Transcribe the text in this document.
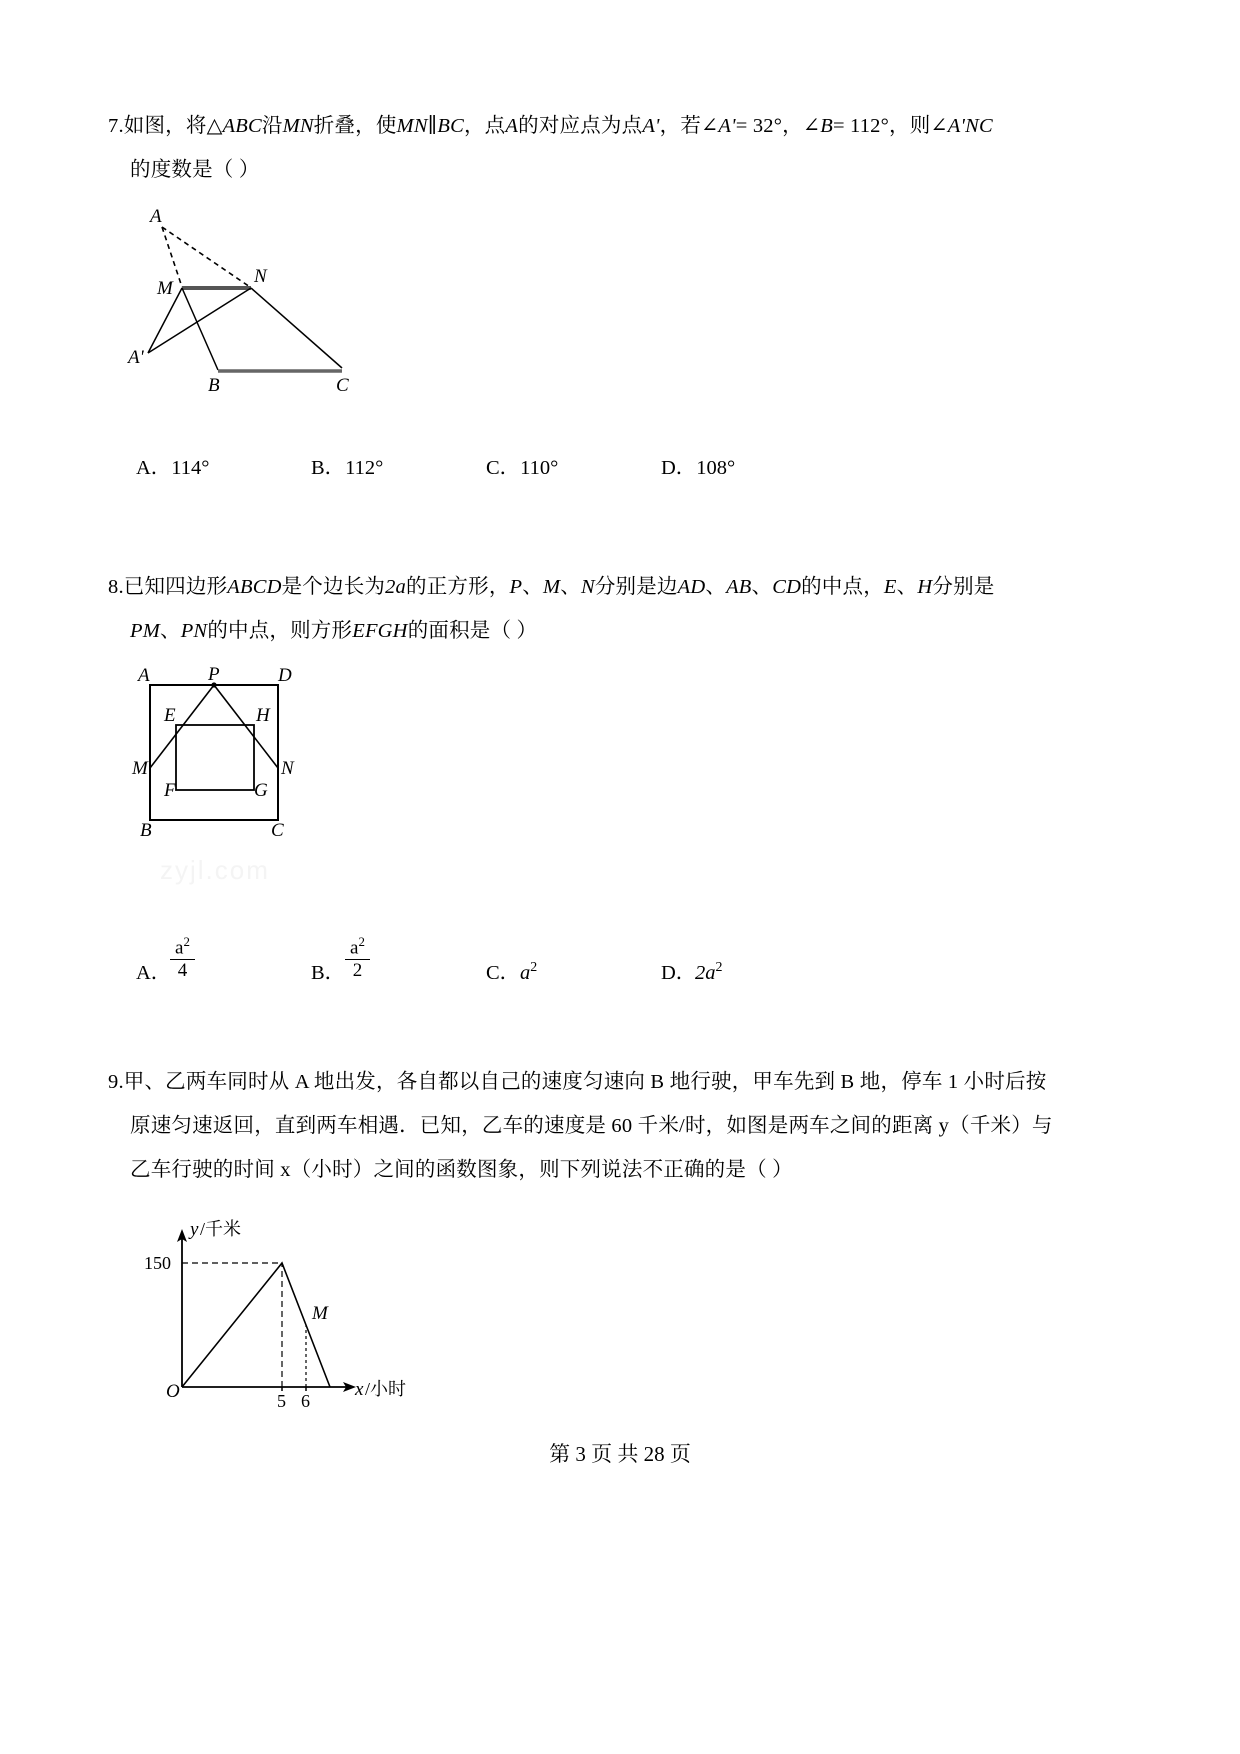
7.如图，将△ABC沿MN折叠，使MN∥BC，点A的对应点为点A'，若∠A'= 32°，∠B= 112°，则∠A'NC
的度数是（ ）
A
M
N
A'
B	C
A．114°	B．112°	C．110°	D．108°
8.已知四边形ABCD是个边长为2a的正方形，P、M、N分别是边AD、AB、CD的中点，E、H分别是
PM、PN的中点，则方形EFGH的面积是（ ）
A	P	D
E	H
M	N
F	G
B	C
zyjl.com
A．
$\frac{a^2}{4}$	B． $\frac{a^2}{2}$	C． $a^2$	D．
$2a^2$
9.甲、乙两车同时从 A 地出发，各自都以自己的速度匀速向 B 地行驶，甲车先到 B 地，停车 1 小时后按
原速匀速返回，直到两车相遇．已知，乙车的速度是 60 千米/时，如图是两车之间的距离 y（千米）与
乙车行驶的时间 x（小时）之间的函数图象，则下列说法不正确的是（ ）
y /千米
x /小时
150
5 6
O
M
第 3 页 共 28 页
